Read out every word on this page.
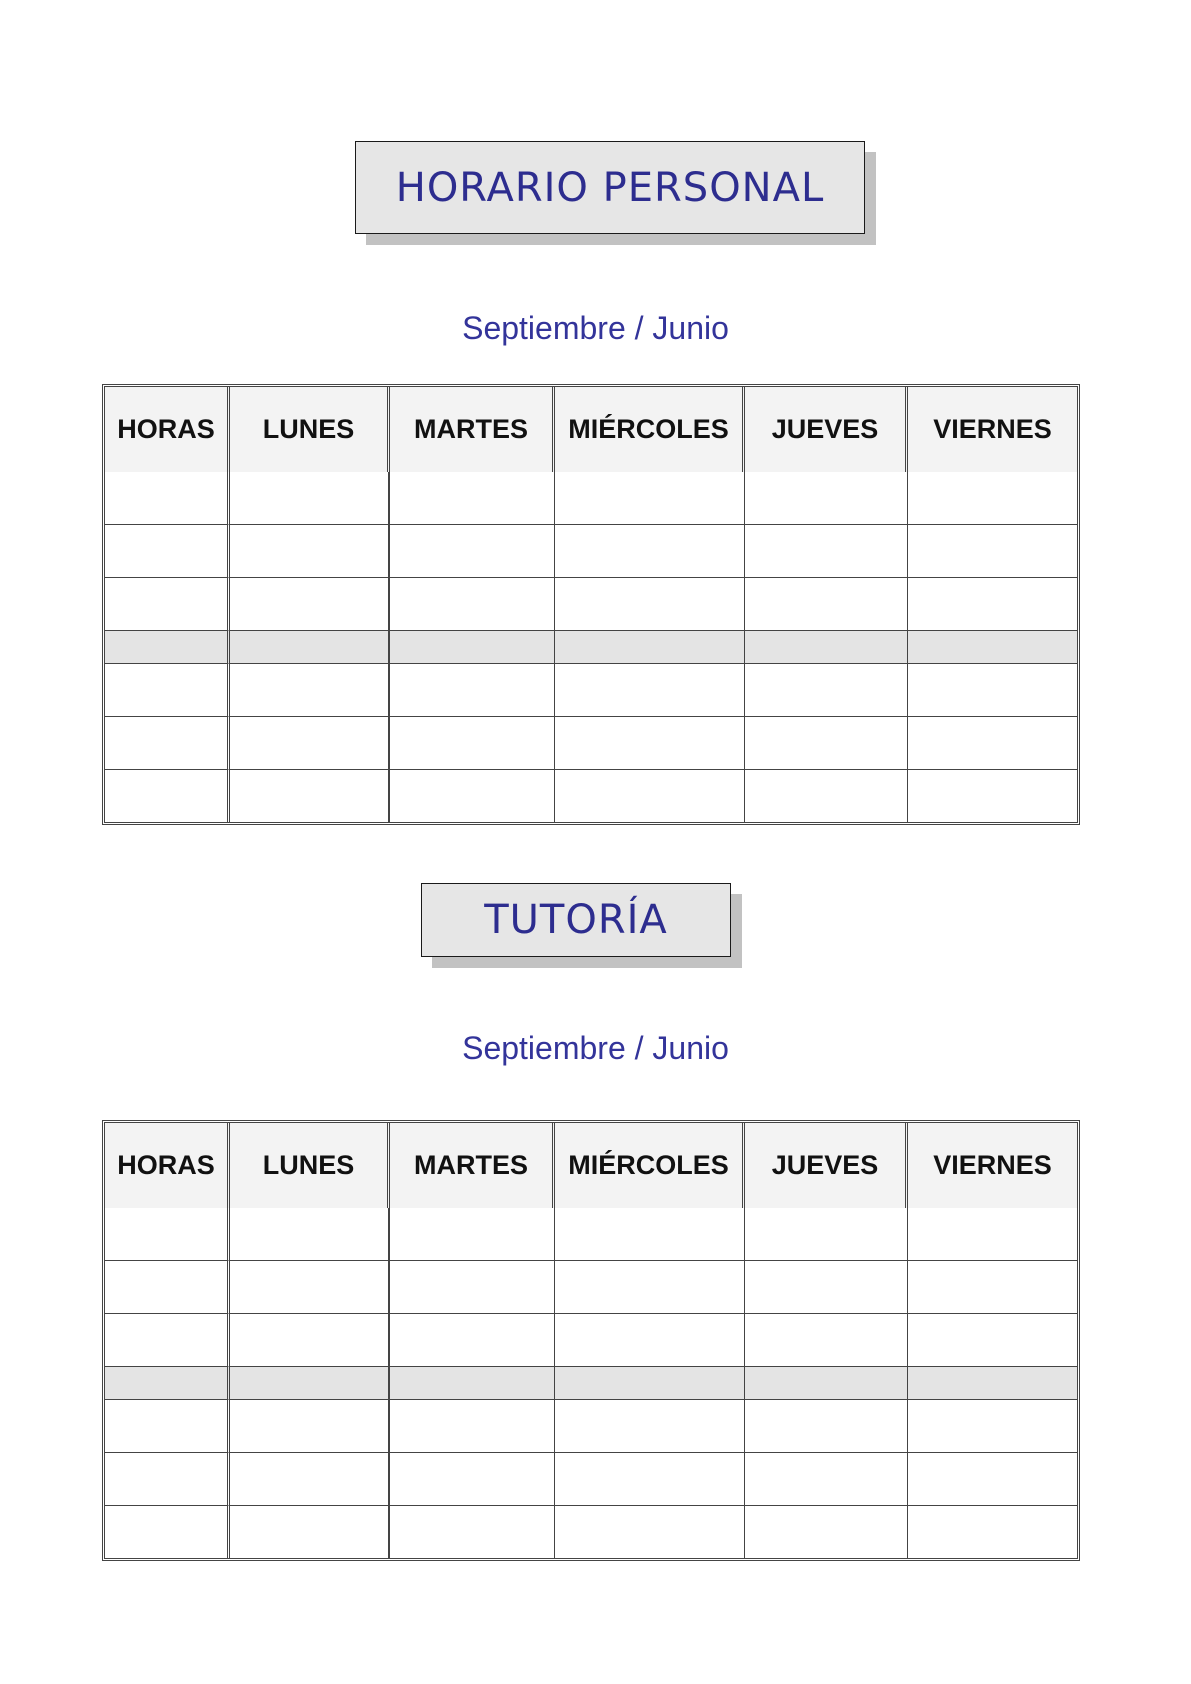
HORARIO PERSONAL
Septiembre / Junio
HORAS	LUNES	MARTES	MIÉRCOLES	JUEVES	VIERNES

TUTORÍA
Septiembre / Junio
HORAS	LUNES	MARTES	MIÉRCOLES	JUEVES	VIERNES
